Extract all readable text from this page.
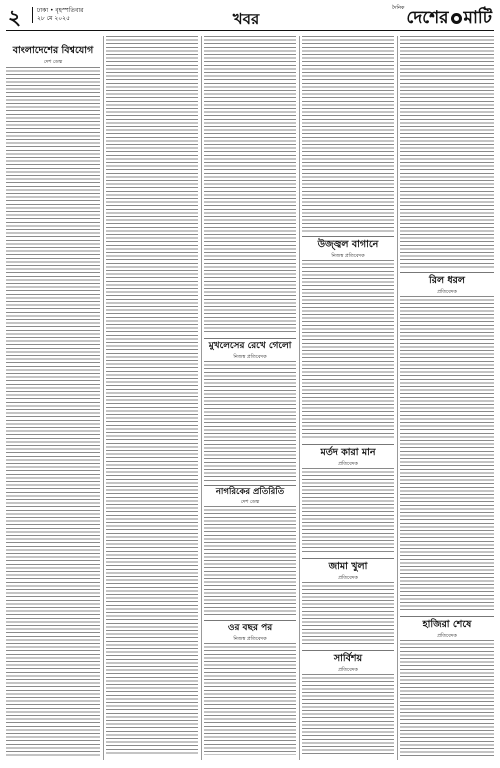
২	ঢাকা • বৃহস্পতিবার
২৮ মে ২০২৫	খবর
$^{দৈনিক}$ দেশের মাটি
বাংলাদেশের বিশ্বযোগ
দেশ ডেস্ক
মুখলেসের রেখে গেলো
নিজস্ব প্রতিবেদক
নাগরিকের প্রতিরিতি
দেশ ডেস্ক
ওর বছর পর
নিজস্ব প্রতিবেদক
উজ্জ্বল বাগানে
নিজস্ব প্রতিবেদক
মর্তদ কারা মান
প্রতিবেদক
জামা খুলা
প্রতিবেদক
সার্বিশয়
প্রতিবেদক
রিল ধরল
প্রতিবেদক
হাজিরা শেষে
প্রতিবেদক
